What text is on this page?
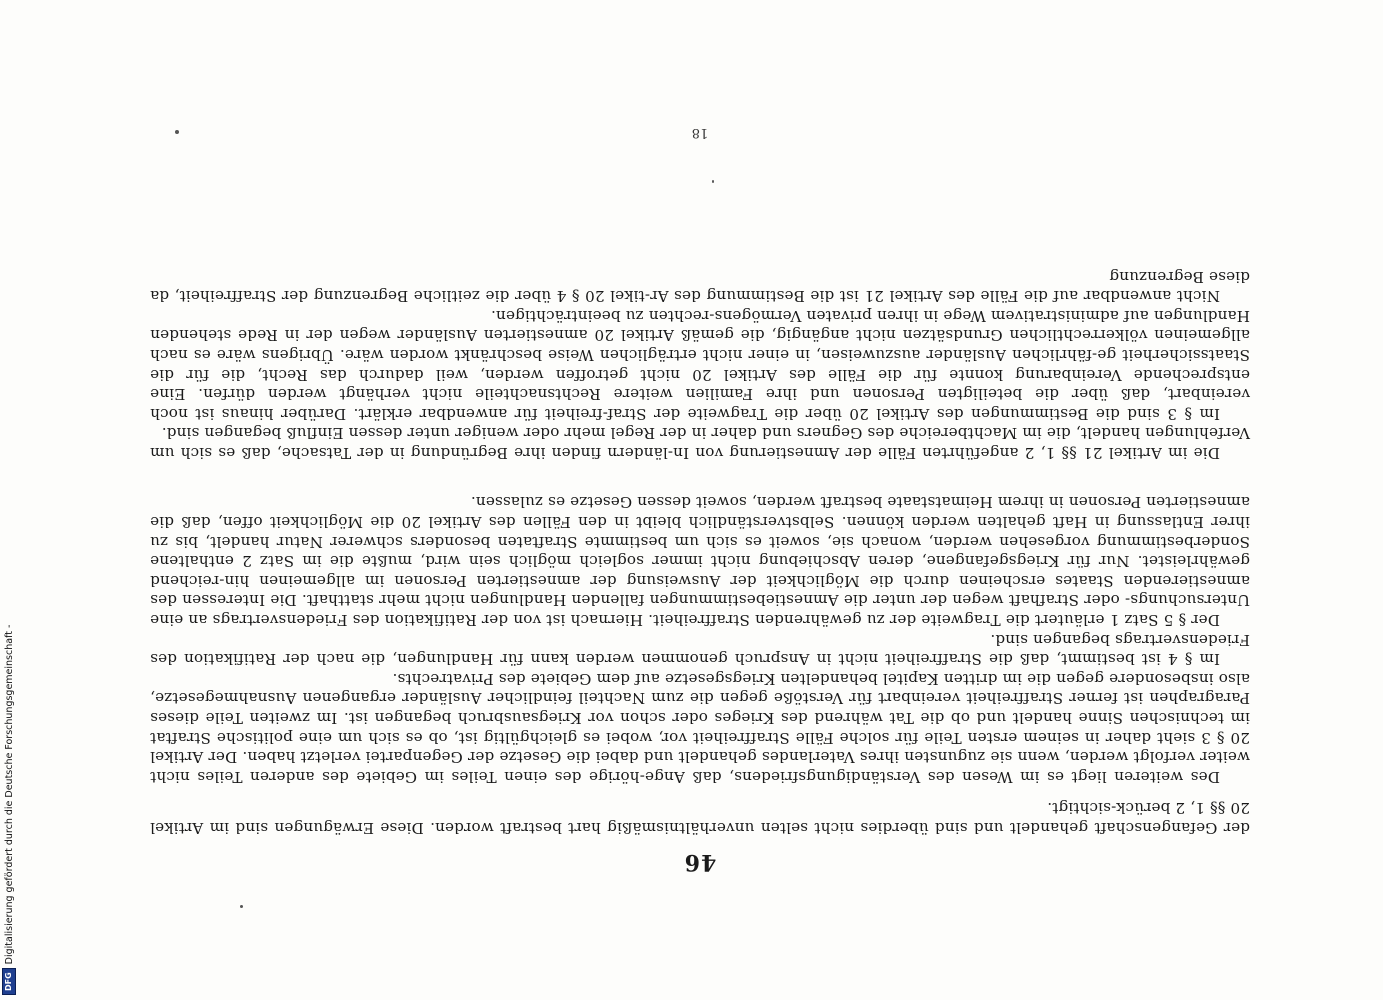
DFG
Digitalisierung gefördert durch die Deutsche Forschungsgemeinschaft -	46

der Gefangenschaft gehandelt und sind überdies nicht selten unverhältnismäßig hart bestraft worden. Diese Erwägungen sind im Artikel 20 §§ 1, 2 berück-sichtigt.

Des weiteren liegt es im Wesen des Verständigungsfriedens, daß Ange-hörige des einen Teiles im Gebiete des anderen Teiles nicht weiter verfolgt werden, wenn sie zugunsten ihres Vaterlandes gehandelt und dabei die Gesetze der Gegenpartei verletzt haben. Der Artikel 20 § 3 sieht daher in seinem ersten Teile für solche Fälle Straffreiheit vor, wobei es gleichgültig ist, ob es sich um eine politische Straftat im technischen Sinne handelt und ob die Tat während des Krieges oder schon vor Kriegsausbruch begangen ist. Im zweiten Teile dieses Paragraphen ist ferner Straffreiheit vereinbart für Verstöße gegen die zum Nachteil feindlicher Ausländer ergangenen Ausnahmegesetze, also insbesondere gegen die im dritten Kapitel behandelten Kriegsgesetze auf dem Gebiete des Privatrechts.

Im § 4 ist bestimmt, daß die Straffreiheit nicht in Anspruch genommen werden kann für Handlungen, die nach der Ratifikation des Friedensvertrags begangen sind.

Der § 5 Satz 1 erläutert die Tragweite der zu gewährenden Straffreiheit. Hiernach ist von der Ratifikation des Friedensvertrags an eine Untersuchungs- oder Strafhaft wegen der unter die Amnestiebestimmungen fallenden Handlungen nicht mehr statthaft. Die Interessen des amnestierenden Staates erscheinen durch die Möglichkeit der Ausweisung der amnestierten Personen im allgemeinen hin-reichend gewährleistet. Nur für Kriegsgefangene, deren Abschiebung nicht immer sogleich möglich sein wird, mußte die im Satz 2 enthaltene Sonderbestimmung vorgesehen werden, wonach sie, soweit es sich um bestimmte Straftaten besonders schwerer Natur handelt, bis zu ihrer Entlassung in Haft gehalten werden können. Selbstverständlich bleibt in den Fällen des Artikel 20 die Möglichkeit offen, daß die amnestierten Personen in ihrem Heimatstaate bestraft werden, soweit dessen Gesetze es zulassen.

Die im Artikel 21 §§ 1, 2 angeführten Fälle der Amnestierung von In-ländern finden ihre Begründung in der Tatsache, daß es sich um Verfehlungen handelt, die im Machtbereiche des Gegners und daher in der Regel mehr oder weniger unter dessen Einfluß begangen sind.

Im § 3 sind die Bestimmungen des Artikel 20 über die Tragweite der Straf-freiheit für anwendbar erklärt. Darüber hinaus ist noch vereinbart, daß über die beteiligten Personen und ihre Familien weitere Rechtsnachteile nicht verhängt werden dürfen. Eine entsprechende Vereinbarung konnte für die Fälle des Artikel 20 nicht getroffen werden, weil dadurch das Recht, die für die Staatssicherheit ge-fährlichen Ausländer auszuweisen, in einer nicht erträglichen Weise beschränkt worden wäre. Übrigens wäre es nach allgemeinen völkerrechtlichen Grundsätzen nicht angängig, die gemäß Artikel 20 amnestierten Ausländer wegen der in Rede stehenden Handlungen auf administrativem Wege in ihren privaten Vermögens-rechten zu beeinträchtigen.

Nicht anwendbar auf die Fälle des Artikel 21 ist die Bestimmung des Ar-tikel 20 § 4 über die zeitliche Begrenzung der Straffreiheit, da diese Begrenzung

18
